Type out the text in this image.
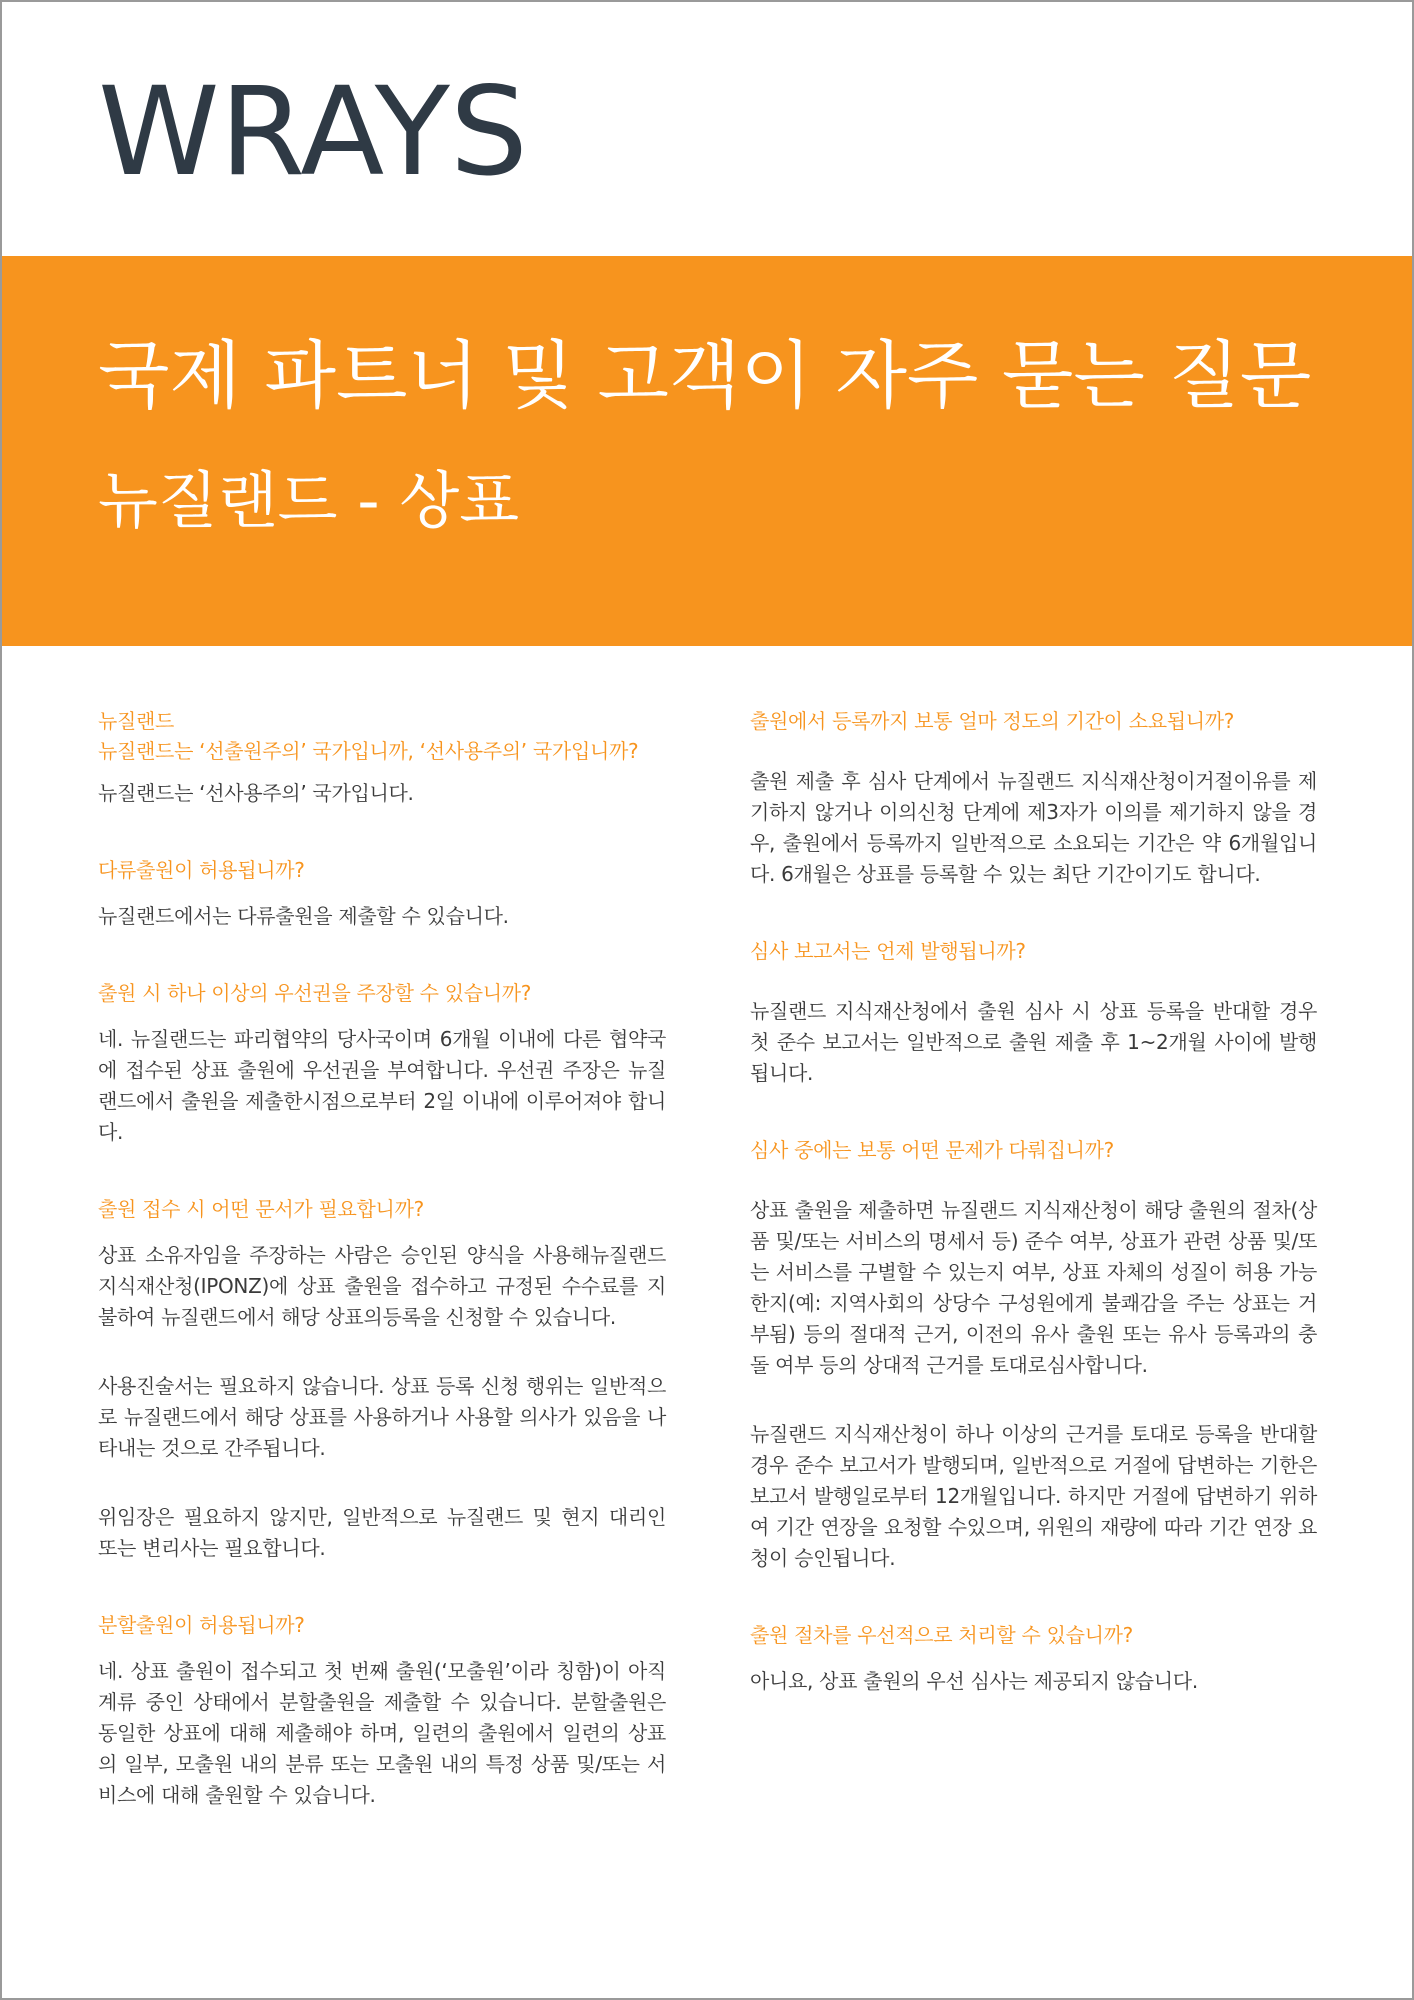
WRAYS
국제 파트너 및 고객이 자주 묻는 질문
뉴질랜드 - 상표
뉴질랜드
뉴질랜드는 ‘선출원주의’ 국가입니까, ‘선사용주의’ 국가입니까?

뉴질랜드는 ‘선사용주의’ 국가입니다.

다류출원이 허용됩니까?

뉴질랜드에서는 다류출원을 제출할 수 있습니다.

출원 시 하나 이상의 우선권을 주장할 수 있습니까?

네. 뉴질랜드는 파리협약의 당사국이며 6개월 이내에 다른 협약국에 접수된 상표 출원에 우선권을 부여합니다. 우선권 주장은 뉴질랜드에서 출원을 제출한시점으로부터 2일 이내에 이루어져야 합니다.

출원 접수 시 어떤 문서가 필요합니까?

상표 소유자임을 주장하는 사람은 승인된 양식을 사용해뉴질랜드 지식재산청(IPONZ)에 상표 출원을 접수하고 규정된 수수료를 지불하여 뉴질랜드에서 해당 상표의등록을 신청할 수 있습니다.

사용진술서는 필요하지 않습니다. 상표 등록 신청 행위는 일반적으로 뉴질랜드에서 해당 상표를 사용하거나 사용할 의사가 있음을 나타내는 것으로 간주됩니다.

위임장은 필요하지 않지만, 일반적으로 뉴질랜드 및 현지 대리인 또는 변리사는 필요합니다.

분할출원이 허용됩니까?

네. 상표 출원이 접수되고 첫 번째 출원(‘모출원’이라 칭함)이 아직 계류 중인 상태에서 분할출원을 제출할 수 있습니다. 분할출원은 동일한 상표에 대해 제출해야 하며, 일련의 출원에서 일련의 상표의 일부, 모출원 내의 분류 또는 모출원 내의 특정 상품 및/또는 서비스에 대해 출원할 수 있습니다.

출원에서 등록까지 보통 얼마 정도의 기간이 소요됩니까?

출원 제출 후 심사 단계에서 뉴질랜드 지식재산청이거절이유를 제기하지 않거나 이의신청 단계에 제3자가 이의를 제기하지 않을 경우, 출원에서 등록까지 일반적으로 소요되는 기간은 약 6개월입니다. 6개월은 상표를 등록할 수 있는 최단 기간이기도 합니다.

심사 보고서는 언제 발행됩니까?

뉴질랜드 지식재산청에서 출원 심사 시 상표 등록을 반대할 경우 첫 준수 보고서는 일반적으로 출원 제출 후 1~2개월 사이에 발행됩니다.

심사 중에는 보통 어떤 문제가 다뤄집니까?

상표 출원을 제출하면 뉴질랜드 지식재산청이 해당 출원의 절차(상품 및/또는 서비스의 명세서 등) 준수 여부, 상표가 관련 상품 및/또는 서비스를 구별할 수 있는지 여부, 상표 자체의 성질이 허용 가능한지(예: 지역사회의 상당수 구성원에게 불쾌감을 주는 상표는 거부됨) 등의 절대적 근거, 이전의 유사 출원 또는 유사 등록과의 충돌 여부 등의 상대적 근거를 토대로심사합니다.

뉴질랜드 지식재산청이 하나 이상의 근거를 토대로 등록을 반대할 경우 준수 보고서가 발행되며, 일반적으로 거절에 답변하는 기한은 보고서 발행일로부터 12개월입니다. 하지만 거절에 답변하기 위하여 기간 연장을 요청할 수있으며, 위원의 재량에 따라 기간 연장 요청이 승인됩니다.

출원 절차를 우선적으로 처리할 수 있습니까?

아니요, 상표 출원의 우선 심사는 제공되지 않습니다.
